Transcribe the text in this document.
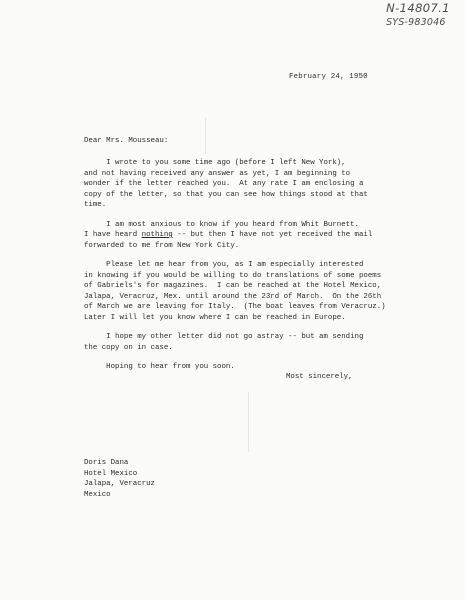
N-14807.1
SYS-983046
February 24, 1950
Dear Mrs. Mousseau:
I wrote to you some time ago (before I left New York),
and not having received any answer as yet, I am beginning to
wonder if the letter reached you.  At any rate I am enclosing a
copy of the letter, so that you can see how things stood at that
time.
I am most anxious to know if you heard from Whit Burnett.
I have heard nothing -- but then I have not yet received the mail
forwarded to me from New York City.
Please let me hear from you, as I am especially interested
in knowing if you would be willing to do translations of some poems
of Gabriels's for magazines.  I can be reached at the Hotel Mexico,
Jalapa, Veracruz, Mex. until around the 23rd of March.  On the 26th
of March we are leaving for Italy.  (The boat leaves from Veracruz.)
Later I will let you know where I can be reached in Europe.
I hope my other letter did not go astray -- but am sending
the copy on in case.
Hoping to hear from you soon.
Most sincerely,
Doris Dana
Hotel Mexico
Jalapa, Veracruz
Mexico
